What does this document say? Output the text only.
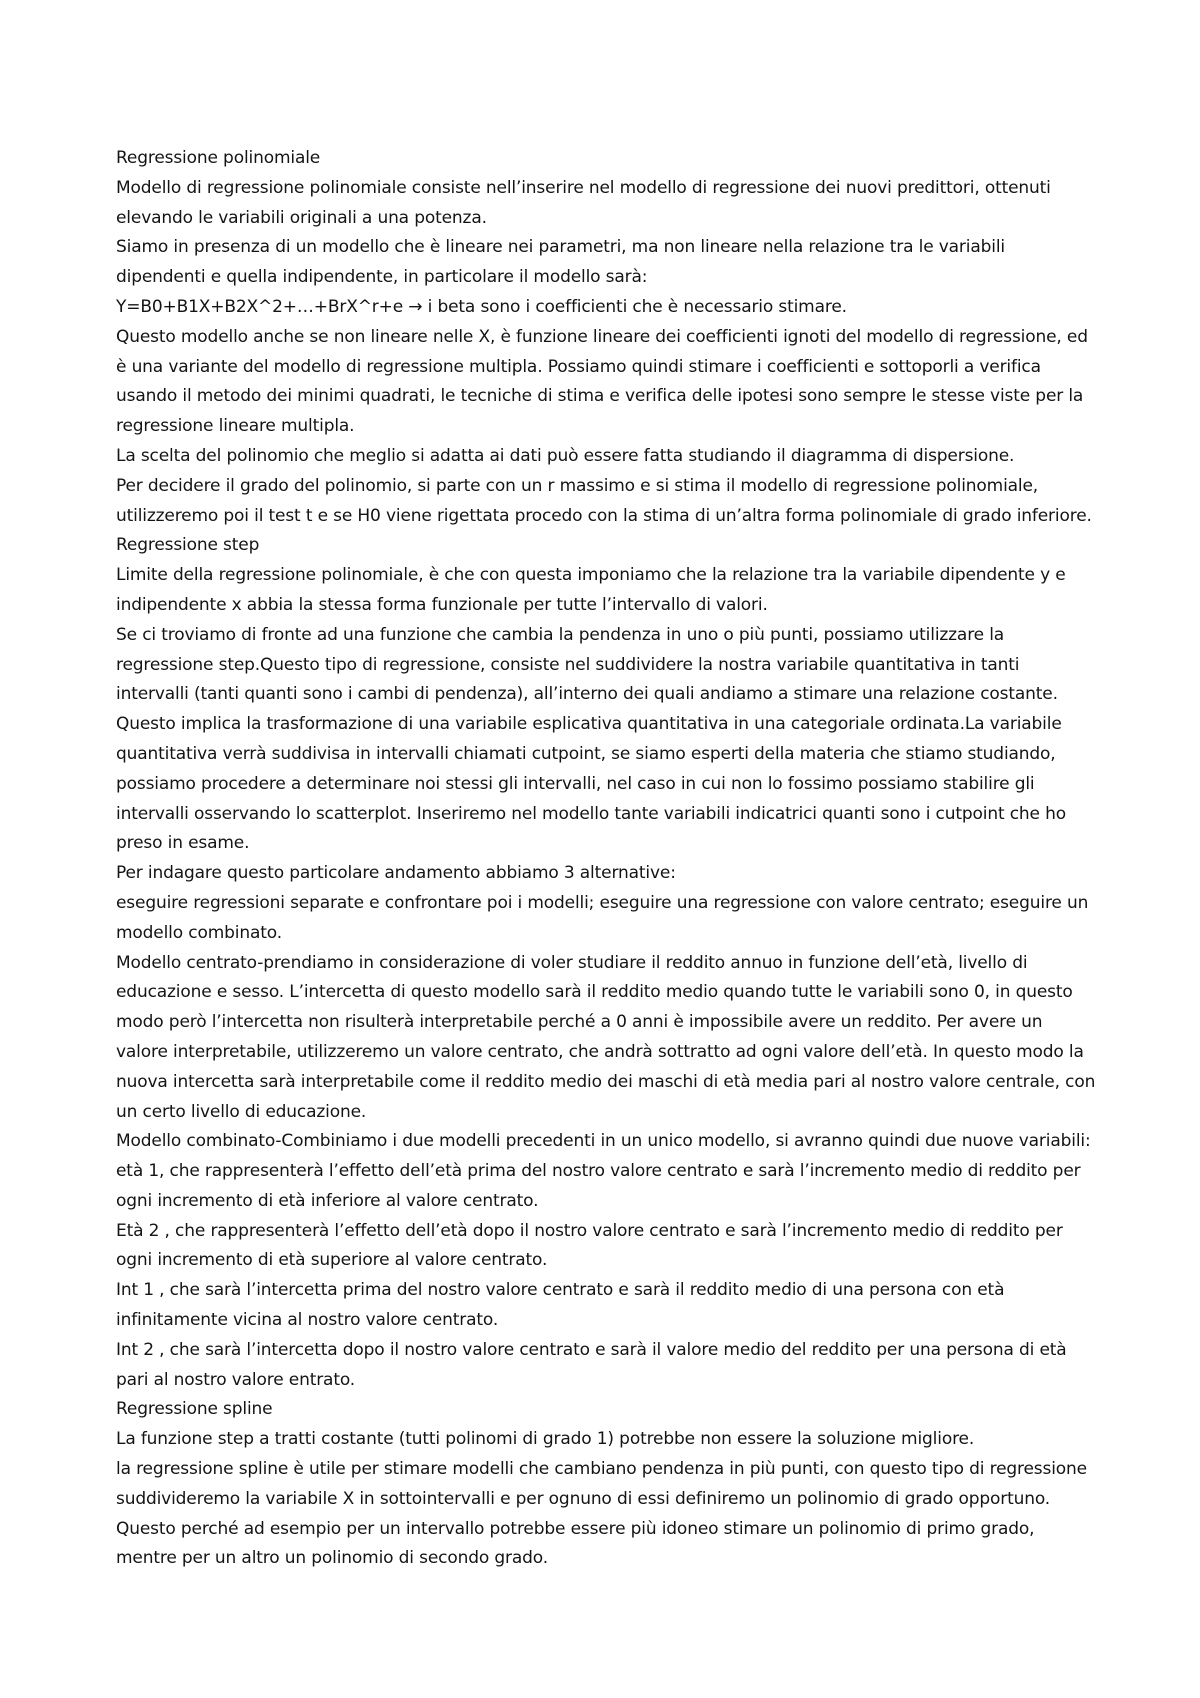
Regressione polinomiale

Modello di regressione polinomiale consiste nell’inserire nel modello di regressione dei nuovi predittori, ottenuti elevando le variabili originali a una potenza.

Siamo in presenza di un modello che è lineare nei parametri, ma non lineare nella relazione tra le variabili dipendenti e quella indipendente, in particolare il modello sarà:

Y=B0+B1X+B2X^2+…+BrX^r+e → i beta sono i coefficienti che è necessario stimare.

Questo modello anche se non lineare nelle X, è funzione lineare dei coefficienti ignoti del modello di regressione, ed è una variante del modello di regressione multipla. Possiamo quindi stimare i coefficienti e sottoporli a verifica usando il metodo dei minimi quadrati, le tecniche di stima e verifica delle ipotesi sono sempre le stesse viste per la regressione lineare multipla.

La scelta del polinomio che meglio si adatta ai dati può essere fatta studiando il diagramma di dispersione.

Per decidere il grado del polinomio, si parte con un r massimo e si stima il modello di regressione polinomiale, utilizzeremo poi il test t e se H0 viene rigettata procedo con la stima di un’altra forma polinomiale di grado inferiore.

Regressione step

Limite della regressione polinomiale, è che con questa imponiamo che la relazione tra la variabile dipendente y e indipendente x abbia la stessa forma funzionale per tutte l’intervallo di valori.

Se ci troviamo di fronte ad una funzione che cambia la pendenza in uno o più punti, possiamo utilizzare la regressione step.Questo tipo di regressione, consiste nel suddividere la nostra variabile quantitativa in tanti intervalli (tanti quanti sono i cambi di pendenza), all’interno dei quali andiamo a stimare una relazione costante. Questo implica la trasformazione di una variabile esplicativa quantitativa in una categoriale ordinata.La variabile quantitativa verrà suddivisa in intervalli chiamati cutpoint, se siamo esperti della materia che stiamo studiando, possiamo procedere a determinare noi stessi gli intervalli, nel caso in cui non lo fossimo possiamo stabilire gli intervalli osservando lo scatterplot. Inseriremo nel modello tante variabili indicatrici quanti sono i cutpoint che ho preso in esame.

Per indagare questo particolare andamento abbiamo 3 alternative:

eseguire regressioni separate e confrontare poi i modelli; eseguire una regressione con valore centrato; eseguire un modello combinato.

Modello centrato-prendiamo in considerazione di voler studiare il reddito annuo in funzione dell’età, livello di educazione e sesso. L’intercetta di questo modello sarà il reddito medio quando tutte le variabili sono 0, in questo modo però l’intercetta non risulterà interpretabile perché a 0 anni è impossibile avere un reddito. Per avere un valore interpretabile, utilizzeremo un valore centrato, che andrà sottratto ad ogni valore dell’età. In questo modo la nuova intercetta sarà interpretabile come il reddito medio dei maschi di età media pari al nostro valore centrale, con un certo livello di educazione.

Modello combinato-Combiniamo i due modelli precedenti in un unico modello, si avranno quindi due nuove variabili: età 1, che rappresenterà l’effetto dell’età prima del nostro valore centrato e sarà l’incremento medio di reddito per ogni incremento di età inferiore al valore centrato.

Età 2 , che rappresenterà l’effetto dell’età dopo il nostro valore centrato e sarà l’incremento medio di reddito per ogni incremento di età superiore al valore centrato.

Int 1 , che sarà l’intercetta prima del nostro valore centrato e sarà il reddito medio di una persona con età infinitamente vicina al nostro valore centrato.

Int 2 , che sarà l’intercetta dopo il nostro valore centrato e sarà il valore medio del reddito per una persona di età pari al nostro valore entrato.

Regressione spline

La funzione step a tratti costante (tutti polinomi di grado 1) potrebbe non essere la soluzione migliore.

la regressione spline è utile per stimare modelli che cambiano pendenza in più punti, con questo tipo di regressione suddivideremo la variabile X in sottointervalli e per ognuno di essi definiremo un polinomio di grado opportuno. Questo perché ad esempio per un intervallo potrebbe essere più idoneo stimare un polinomio di primo grado, mentre per un altro un polinomio di secondo grado.
